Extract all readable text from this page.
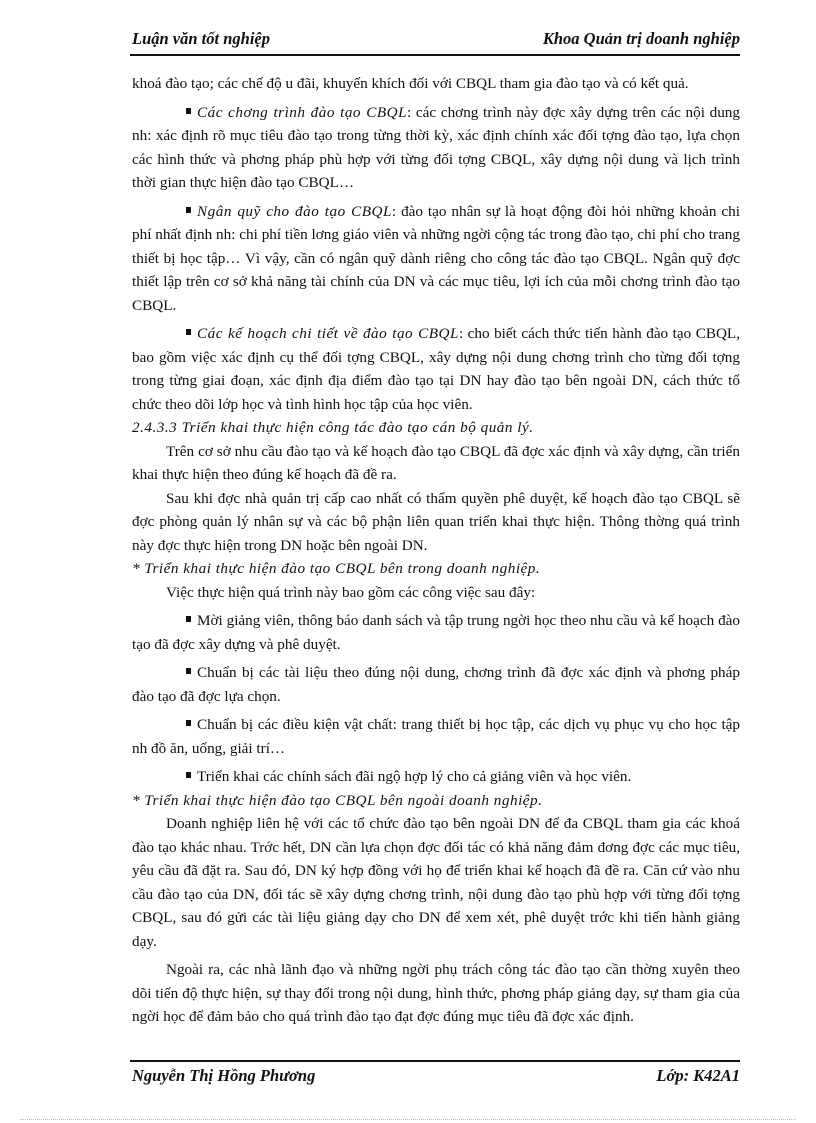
Luận văn tốt nghiệp	Khoa Quản trị doanh nghiệp

khoá đào tạo; các chế độ u đãi, khuyến khích đối với CBQL tham gia đào tạo và có kết quả.

Các chơng trình đào tạo CBQL: các chơng trình này đợc xây dựng trên các nội dung nh: xác định rõ mục tiêu đào tạo trong từng thời kỳ, xác định chính xác đối tợng đào tạo, lựa chọn các hình thức và phơng pháp phù hợp với từng đối tợng CBQL, xây dựng nội dung và lịch trình thời gian thực hiện đào tạo CBQL…

Ngân quỹ cho đào tạo CBQL: đào tạo nhân sự là hoạt động đòi hỏi những khoản chi phí nhất định nh: chi phí tiền lơng giáo viên và những ngời cộng tác trong đào tạo, chi phí cho trang thiết bị học tập… Vì vậy, cần có ngân quỹ dành riêng cho công tác đào tạo CBQL. Ngân quỹ đợc thiết lập trên cơ sở khả năng tài chính của DN và các mục tiêu, lợi ích của mỗi chơng trình đào tạo CBQL.

Các kế hoạch chi tiết về đào tạo CBQL: cho biết cách thức tiến hành đào tạo CBQL, bao gồm việc xác định cụ thể đối tợng CBQL, xây dựng nội dung chơng trình cho từng đối tợng trong từng giai đoạn, xác định địa điểm đào tạo tại DN hay đào tạo bên ngoài DN, cách thức tổ chức theo dõi lớp học và tình hình học tập của học viên.

2.4.3.3 Triển khai thực hiện công tác đào tạo cán bộ quản lý.

Trên cơ sở nhu cầu đào tạo và kế hoạch đào tạo CBQL đã đợc xác định và xây dựng, cần triển khai thực hiện theo đúng kế hoạch đã đề ra.

Sau khi đợc nhà quản trị cấp cao nhất có thẩm quyền phê duyệt, kế hoạch đào tạo CBQL sẽ đợc phòng quản lý nhân sự và các bộ phận liên quan triển khai thực hiện. Thông thờng quá trình này đợc thực hiện trong DN hoặc bên ngoài DN.

* Triển khai thực hiện đào tạo CBQL bên trong doanh nghiệp.

Việc thực hiện quá trình này bao gồm các công việc sau đây:

Mời giảng viên, thông báo danh sách và tập trung ngời học theo nhu cầu và kế hoạch đào tạo đã đợc xây dựng và phê duyệt.

Chuẩn bị các tài liệu theo đúng nội dung, chơng trình đã đợc xác định và phơng pháp đào tạo đã đợc lựa chọn.

Chuẩn bị các điều kiện vật chất: trang thiết bị học tập, các dịch vụ phục vụ cho học tập nh đồ ăn, uống, giải trí…

Triển khai các chính sách đãi ngộ hợp lý cho cả giảng viên và học viên.

* Triển khai thực hiện đào tạo CBQL bên ngoài doanh nghiệp.

Doanh nghiệp liên hệ với các tổ chức đào tạo bên ngoài DN để đa CBQL tham gia các khoá đào tạo khác nhau. Trớc hết, DN cần lựa chọn đợc đối tác có khả năng đảm đơng đợc các mục tiêu, yêu cầu đã đặt ra. Sau đó, DN ký hợp đồng với họ để triển khai kế hoạch đã đề ra. Căn cứ vào nhu cầu đào tạo của DN, đối tác sẽ xây dựng chơng trình, nội dung đào tạo phù hợp với từng đối tợng CBQL, sau đó gửi các tài liệu giảng dạy cho DN để xem xét, phê duyệt trớc khi tiến hành giảng dạy.

Ngoài ra, các nhà lãnh đạo và những ngời phụ trách công tác đào tạo cần thờng xuyên theo dõi tiến độ thực hiện, sự thay đổi trong nội dung, hình thức, phơng pháp giảng dạy, sự tham gia của ngời học để đảm bảo cho quá trình đào tạo đạt đợc đúng mục tiêu đã đợc xác định.

Nguyễn Thị Hồng Phương	Lớp: K42A1
